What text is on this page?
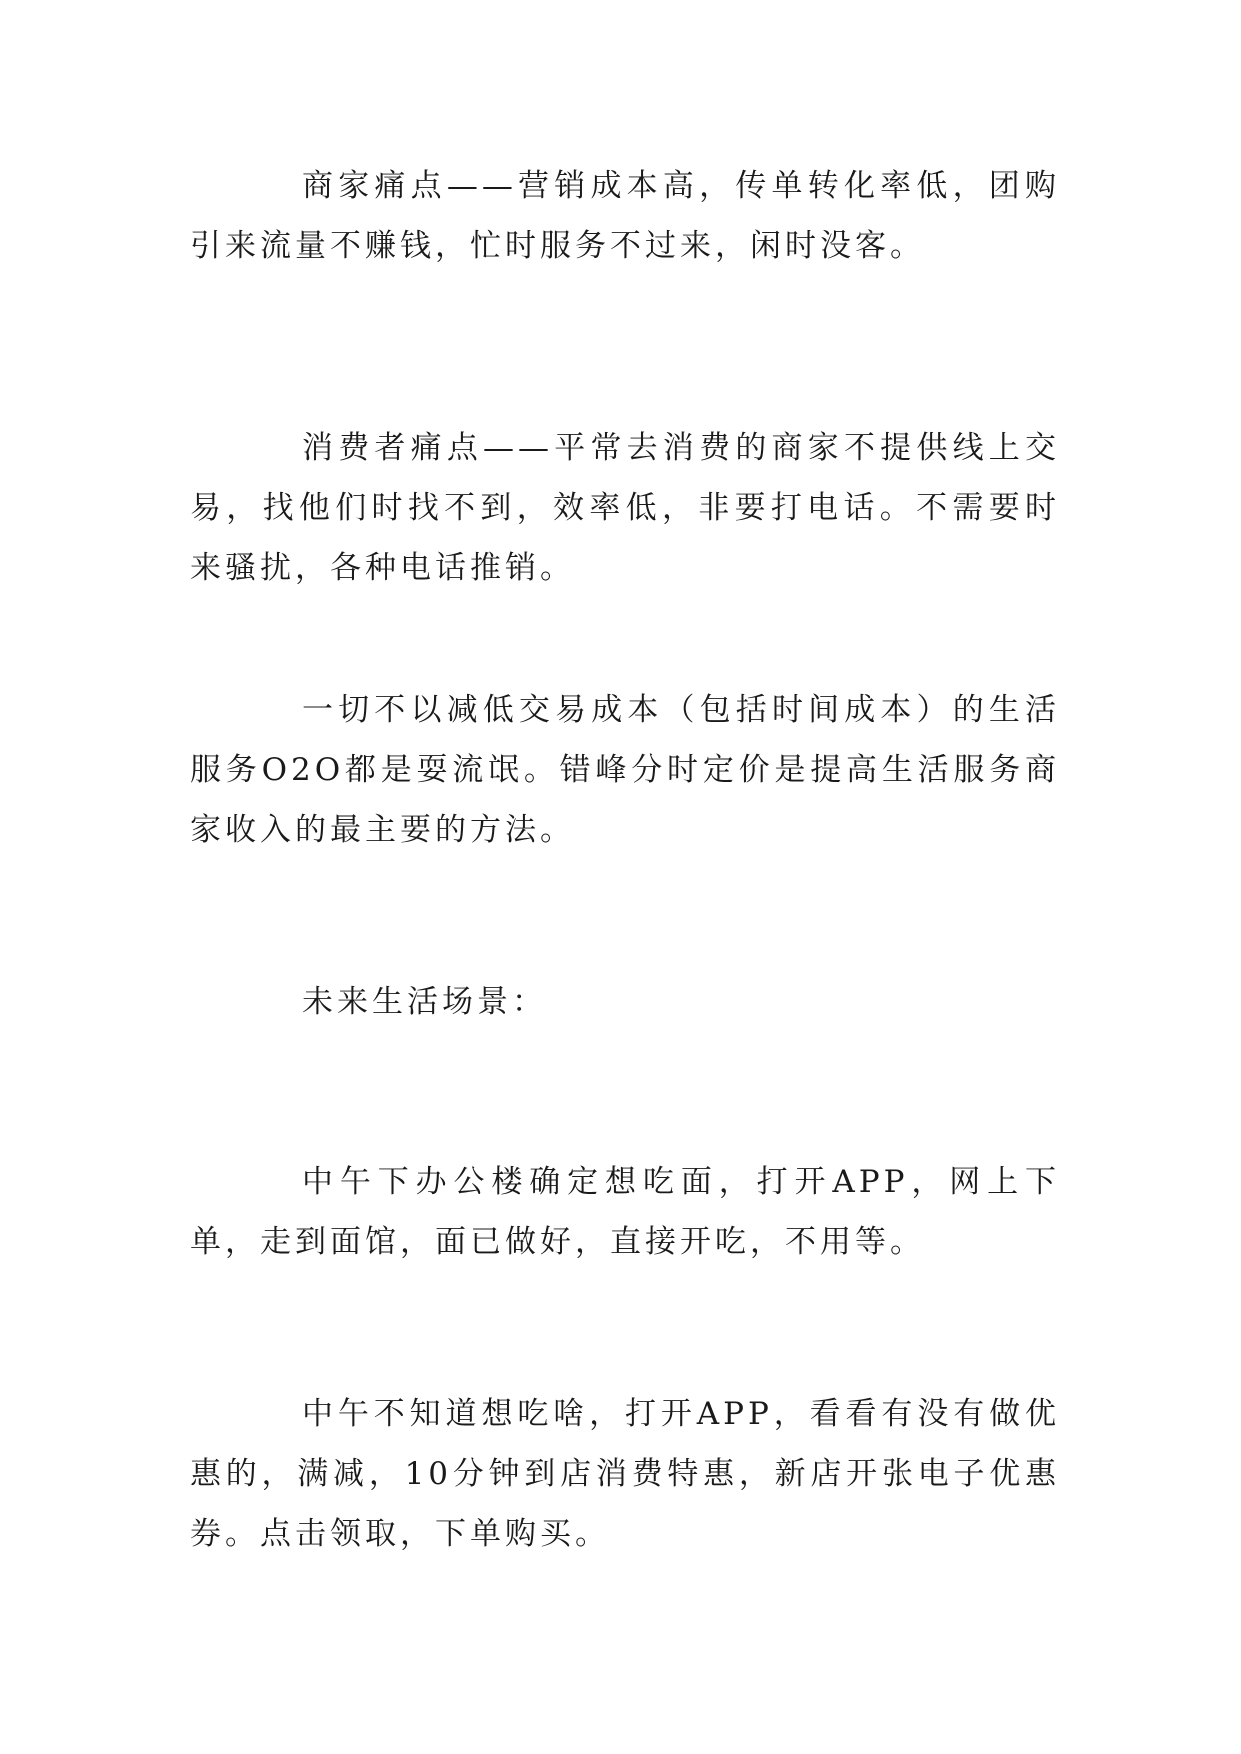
商家痛点——营销成本高，传单转化率低，团购引来流量不赚钱，忙时服务不过来，闲时没客。

消费者痛点——平常去消费的商家不提供线上交易，找他们时找不到，效率低，非要打电话。不需要时来骚扰，各种电话推销。

一切不以减低交易成本（包括时间成本）的生活服务O2O都是耍流氓。错峰分时定价是提高生活服务商家收入的最主要的方法。

未来生活场景：

中午下办公楼确定想吃面，打开APP，网上下单，走到面馆，面已做好，直接开吃，不用等。

中午不知道想吃啥，打开APP，看看有没有做优惠的，满减，10分钟到店消费特惠，新店开张电子优惠券。点击领取，下单购买。
